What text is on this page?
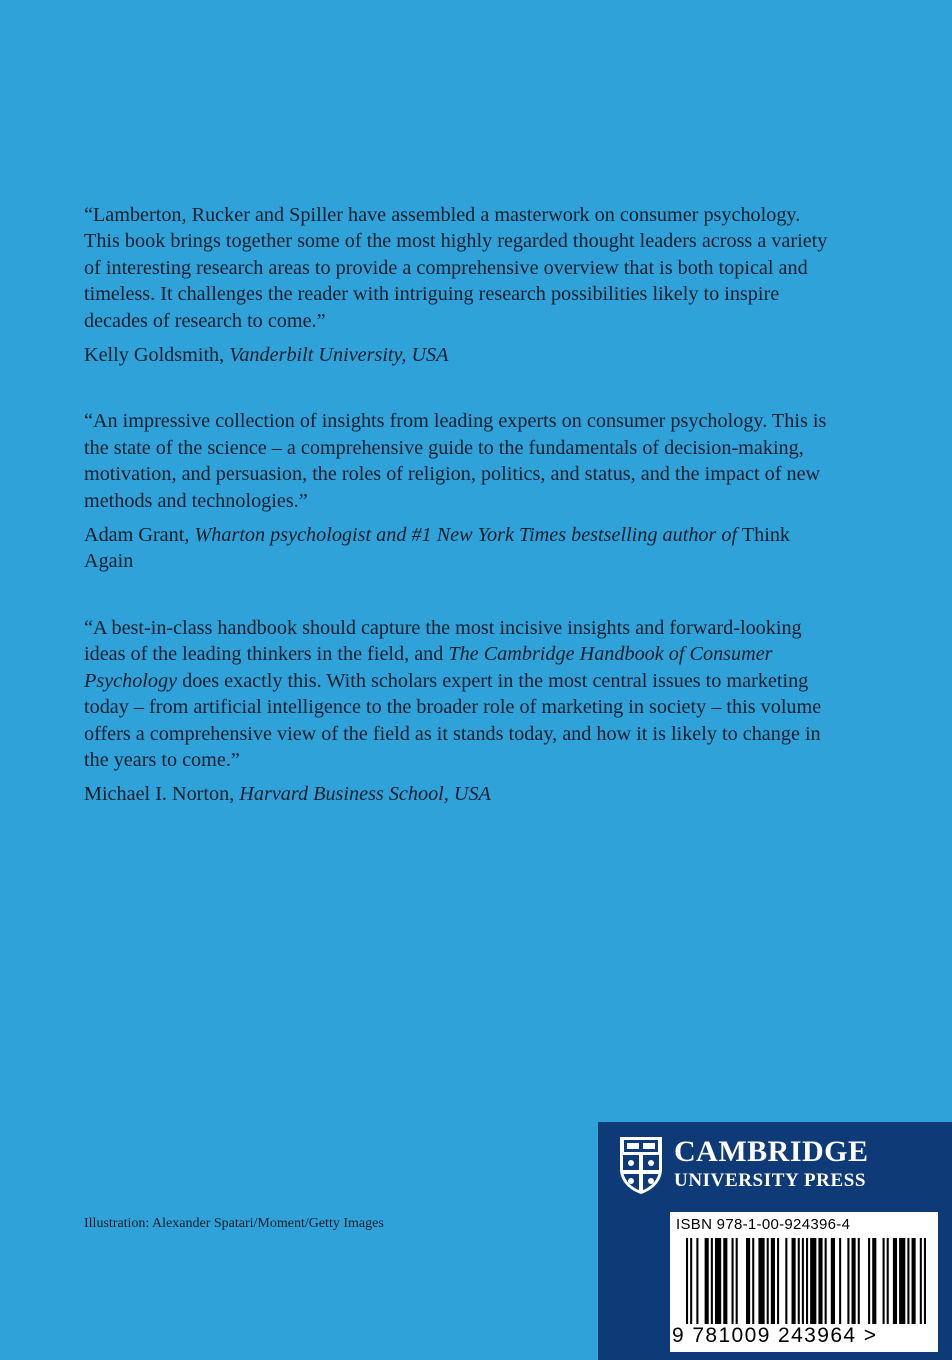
“Lamberton, Rucker and Spiller have assembled a masterwork on consumer psychology. This book brings together some of the most highly regarded thought leaders across a variety of interesting research areas to provide a comprehensive overview that is both topical and timeless. It challenges the reader with intriguing research possibilities likely to inspire decades of research to come.”

Kelly Goldsmith, Vanderbilt University, USA

“An impressive collection of insights from leading experts on consumer psychology. This is the state of the science – a comprehensive guide to the fundamentals of decision-making, motivation, and persuasion, the roles of religion, politics, and status, and the impact of new methods and technologies.”

Adam Grant, Wharton psychologist and #1 New York Times bestselling author of Think Again

“A best-in-class handbook should capture the most incisive insights and forward-looking ideas of the leading thinkers in the field, and The Cambridge Handbook of Consumer Psychology does exactly this. With scholars expert in the most central issues to marketing today – from artificial intelligence to the broader role of marketing in society – this volume offers a comprehensive view of the field as it stands today, and how it is likely to change in the years to come.”

Michael I. Norton, Harvard Business School, USA

Illustration: Alexander Spatari/Moment/Getty Images
CAMBRIDGE
UNIVERSITY PRESS
ISBN 978-1-00-924396-4
9 781009 243964 >
